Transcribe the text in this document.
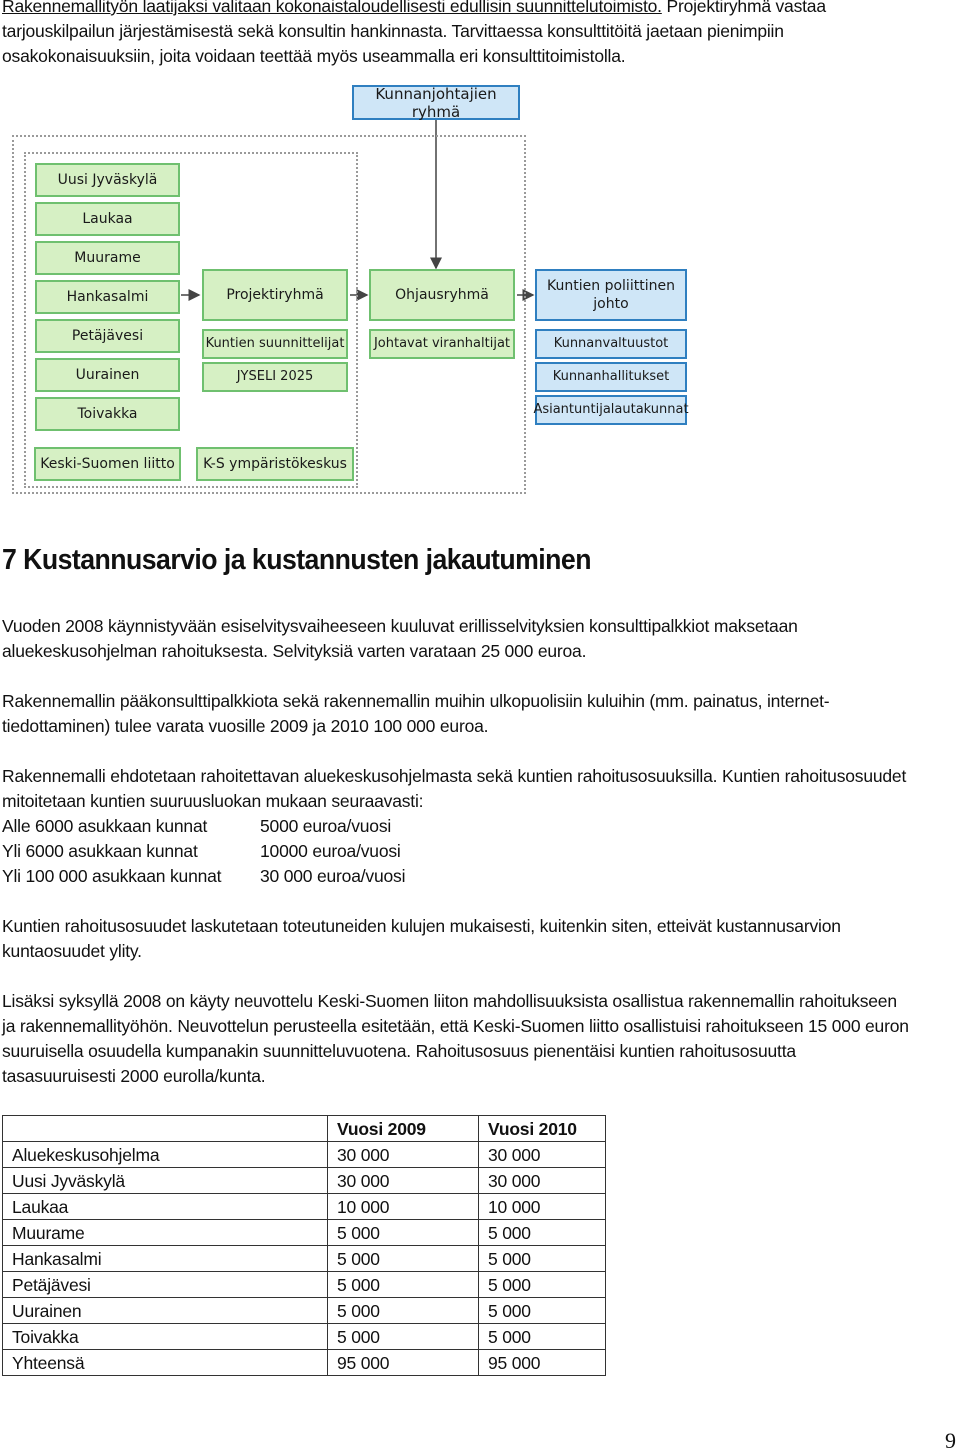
Rakennemallityön laatijaksi valitaan kokonaistaloudellisesti edullisin suunnittelutoimisto. Projektiryhmä vastaa

tarjouskilpailun järjestämisestä sekä konsultin hankinnasta. Tarvittaessa konsulttitöitä jaetaan pienimpiin

osakokonaisuuksiin, joita voidaan teettää myös useammalla eri konsulttitoimistolla.

Kunnanjohtajien ryhmä
Uusi Jyväskylä
Laukaa
Muurame
Hankasalmi
Petäjävesi
Uurainen
Toivakka
Projektiryhmä
Kuntien suunnittelijat
JYSELI 2025
Ohjausryhmä
Johtavat viranhaltijat
Kuntien poliittinen
johto
Kunnanvaltuustot
Kunnanhallitukset
Asiantuntijalautakunnat
Keski-Suomen liitto	K-S ympäristökeskus
7 Kustannusarvio ja kustannusten jakautuminen

Vuoden 2008 käynnistyvään esiselvitysvaiheeseen kuuluvat erillisselvityksien konsulttipalkkiot maksetaan

aluekeskusohjelman rahoituksesta. Selvityksiä varten varataan 25 000 euroa.

Rakennemallin pääkonsulttipalkkiota sekä rakennemallin muihin ulkopuolisiin kuluihin (mm. painatus, internet-

tiedottaminen) tulee varata vuosille 2009 ja 2010 100 000 euroa.

Rakennemalli ehdotetaan rahoitettavan aluekeskusohjelmasta sekä kuntien rahoitusosuuksilla. Kuntien rahoitusosuudet

mitoitetaan kuntien suuruusluokan mukaan seuraavasti:

Alle 6000 asukkaan kunnat	5000 euroa/vuosi
Yli 6000 asukkaan kunnat	10000 euroa/vuosi
Yli 100 000 asukkaan kunnat 30 000 euroa/vuosi

Kuntien rahoitusosuudet laskutetaan toteutuneiden kulujen mukaisesti, kuitenkin siten, etteivät kustannusarvion

kuntaosuudet ylity.

Lisäksi syksyllä 2008 on käyty neuvottelu Keski-Suomen liiton mahdollisuuksista osallistua rakennemallin rahoitukseen

ja rakennemallityöhön. Neuvottelun perusteella esitetään, että Keski-Suomen liitto osallistuisi rahoitukseen 15 000 euron

suuruisella osuudella kumpanakin suunnitteluvuotena. Rahoitusosuus pienentäisi kuntien rahoitusosuutta

tasasuuruisesti 2000 eurolla/kunta.

	Vuosi 2009	Vuosi 2010
Aluekeskusohjelma	30 000	30 000
Uusi Jyväskylä	30 000	30 000
Laukaa	10 000	10 000
Muurame	5 000	5 000
Hankasalmi	5 000	5 000
Petäjävesi	5 000	5 000
Uurainen	5 000	5 000
Toivakka	5 000	5 000
Yhteensä	95 000	95 000
9
